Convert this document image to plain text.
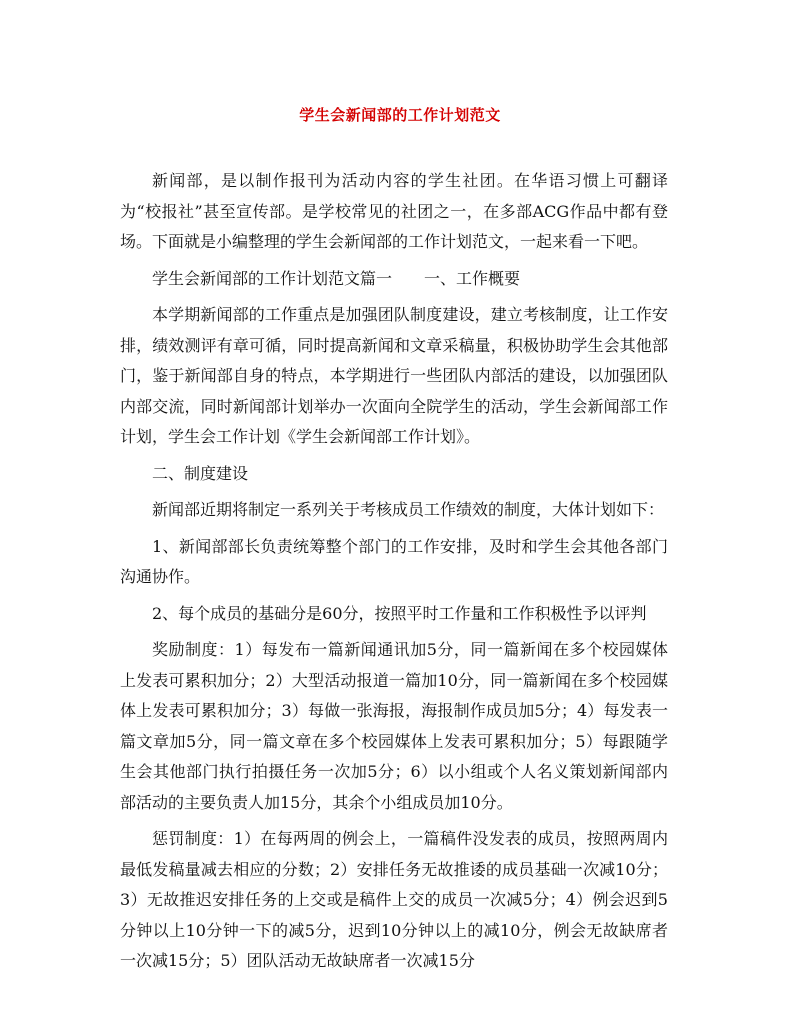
学生会新闻部的工作计划范文

新闻部，是以制作报刊为活动内容的学生社团。在华语习惯上可翻译为“校报社”甚至宣传部。是学校常见的社团之一，在多部ACG作品中都有登场。下面就是小编整理的学生会新闻部的工作计划范文，一起来看一下吧。

学生会新闻部的工作计划范文篇一　　一、工作概要

本学期新闻部的工作重点是加强团队制度建设，建立考核制度，让工作安排，绩效测评有章可循，同时提高新闻和文章采稿量，积极协助学生会其他部门，鉴于新闻部自身的特点，本学期进行一些团队内部活的建设，以加强团队内部交流，同时新闻部计划举办一次面向全院学生的活动，学生会新闻部工作计划，学生会工作计划《学生会新闻部工作计划》。

二、制度建设

新闻部近期将制定一系列关于考核成员工作绩效的制度，大体计划如下：

1、新闻部部长负责统筹整个部门的工作安排，及时和学生会其他各部门沟通协作。

2、每个成员的基础分是60分，按照平时工作量和工作积极性予以评判

奖励制度：1）每发布一篇新闻通讯加5分，同一篇新闻在多个校园媒体上发表可累积加分；2）大型活动报道一篇加10分，同一篇新闻在多个校园媒体上发表可累积加分；3）每做一张海报，海报制作成员加5分；4）每发表一篇文章加5分，同一篇文章在多个校园媒体上发表可累积加分；5）每跟随学生会其他部门执行拍摄任务一次加5分；6）以小组或个人名义策划新闻部内部活动的主要负责人加15分，其余个小组成员加10分。

惩罚制度：1）在每两周的例会上，一篇稿件没发表的成员，按照两周内最低发稿量减去相应的分数；2）安排任务无故推诿的成员基础一次减10分；3）无故推迟安排任务的上交或是稿件上交的成员一次减5分；4）例会迟到5分钟以上10分钟一下的减5分，迟到10分钟以上的减10分，例会无故缺席者一次减15分；5）团队活动无故缺席者一次减15分
